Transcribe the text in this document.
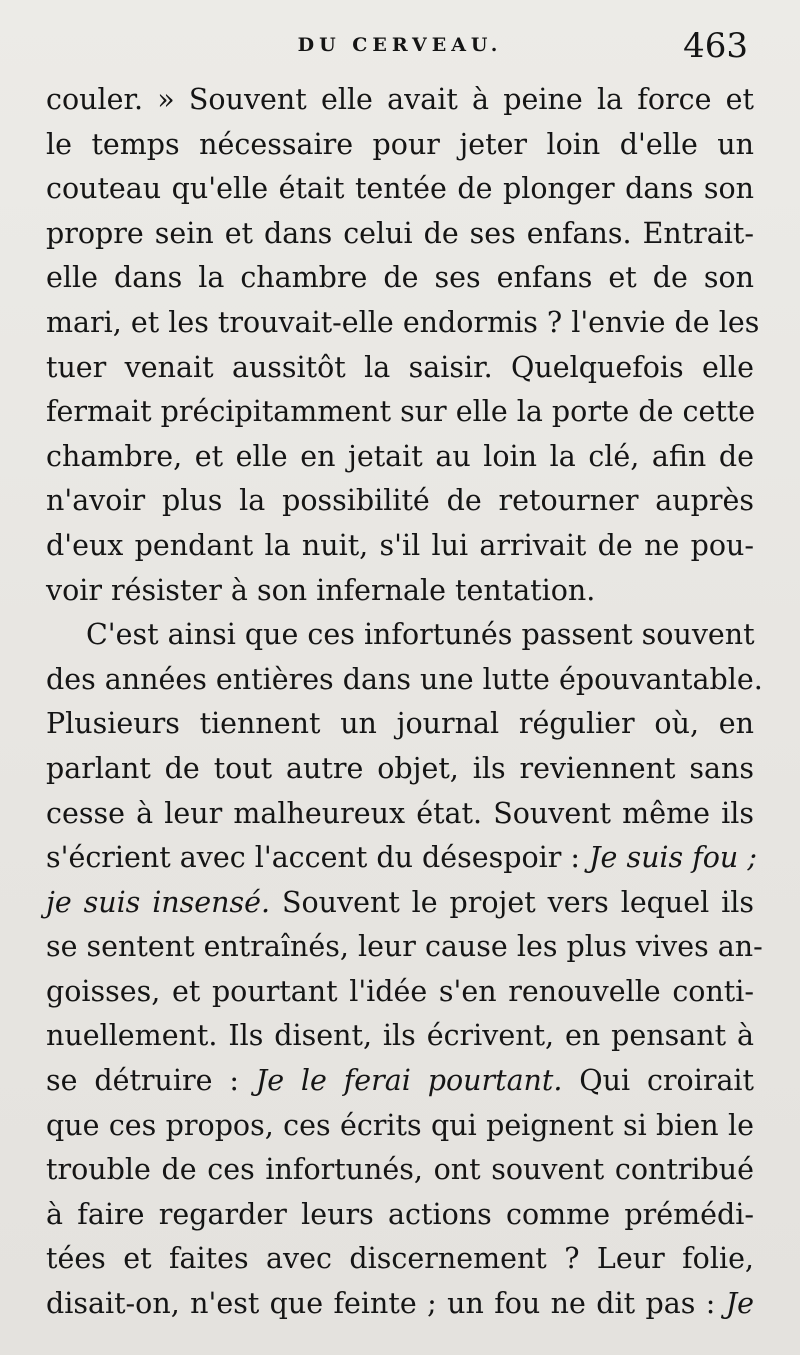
DU CERVEAU.	463
couler. » Souvent elle avait à peine la force et
le temps nécessaire pour jeter loin d'elle un
couteau qu'elle était tentée de plonger dans son
propre sein et dans celui de ses enfans. Entrait-
elle dans la chambre de ses enfans et de son
mari, et les trouvait-elle endormis ? l'envie de les
tuer venait aussitôt la saisir. Quelquefois elle
fermait précipitamment sur elle la porte de cette
chambre, et elle en jetait au loin la clé, afin de
n'avoir plus la possibilité de retourner auprès
d'eux pendant la nuit, s'il lui arrivait de ne pou-
voir résister à son infernale tentation.
C'est ainsi que ces infortunés passent souvent
des années entières dans une lutte épouvantable.
Plusieurs tiennent un journal régulier où, en
parlant de tout autre objet, ils reviennent sans
cesse à leur malheureux état. Souvent même ils
s'écrient avec l'accent du désespoir : Je suis fou ;
je suis insensé. Souvent le projet vers lequel ils
se sentent entraînés, leur cause les plus vives an-
goisses, et pourtant l'idée s'en renouvelle conti-
nuellement. Ils disent, ils écrivent, en pensant à
se détruire : Je le ferai pourtant. Qui croirait
que ces propos, ces écrits qui peignent si bien le
trouble de ces infortunés, ont souvent contribué
à faire regarder leurs actions comme prémédi-
tées et faites avec discernement ? Leur folie,
disait-on, n'est que feinte ; un fou ne dit pas : Je
